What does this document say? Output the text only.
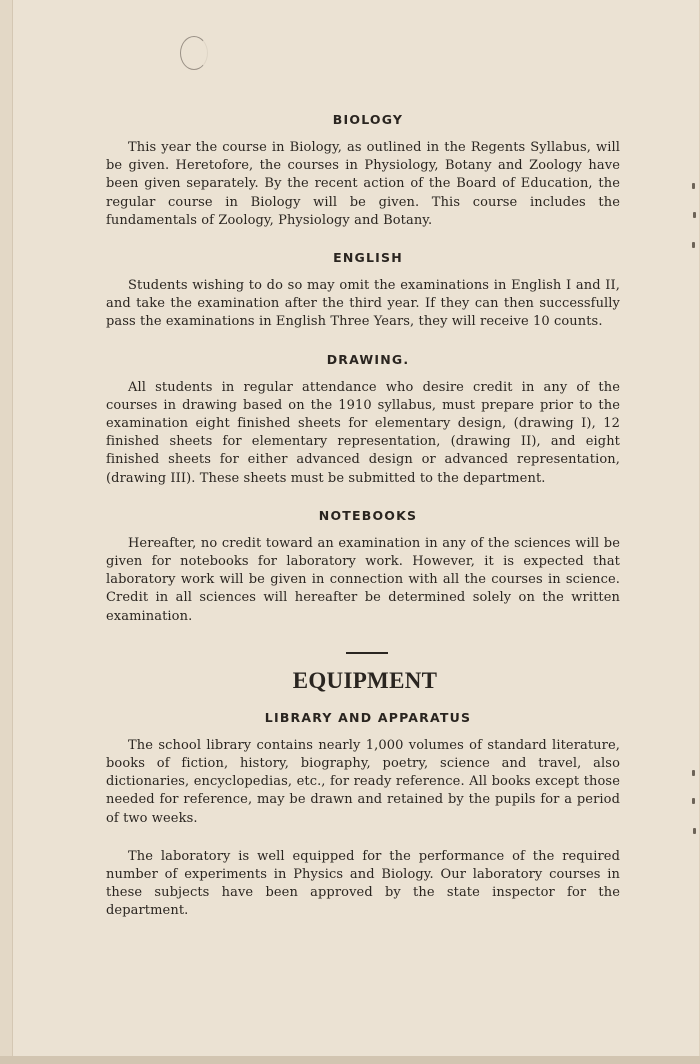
BIOLOGY

This year the course in Biology, as outlined in the Regents Syllabus, will be given. Heretofore, the courses in Physiology, Botany and Zoology have been given separately. By the recent action of the Board of Education, the regular course in Biology will be given. This course includes the fundamentals of Zoology, Physiology and Botany.

ENGLISH

Students wishing to do so may omit the examinations in English I and II, and take the examination after the third year. If they can then successfully pass the examinations in English Three Years, they will receive 10 counts.

DRAWING.

All students in regular attendance who desire credit in any of the courses in drawing based on the 1910 syllabus, must prepare prior to the examination eight finished sheets for elementary design, (drawing I), 12 finished sheets for elementary representation, (drawing II), and eight finished sheets for either advanced design or advanced representation, (drawing III). These sheets must be submitted to the department.

NOTEBOOKS

Hereafter, no credit toward an examination in any of the sciences will be given for notebooks for laboratory work. However, it is expected that laboratory work will be given in connection with all the courses in science. Credit in all sciences will hereafter be determined solely on the written examination.

EQUIPMENT
LIBRARY AND APPARATUS

The school library contains nearly 1,000 volumes of standard literature, books of fiction, history, biography, poetry, science and travel, also dictionaries, encyclopedias, etc., for ready reference. All books except those needed for reference, may be drawn and retained by the pupils for a period of two weeks.

The laboratory is well equipped for the performance of the required number of experiments in Physics and Biology. Our laboratory courses in these subjects have been approved by the state inspector for the department.
